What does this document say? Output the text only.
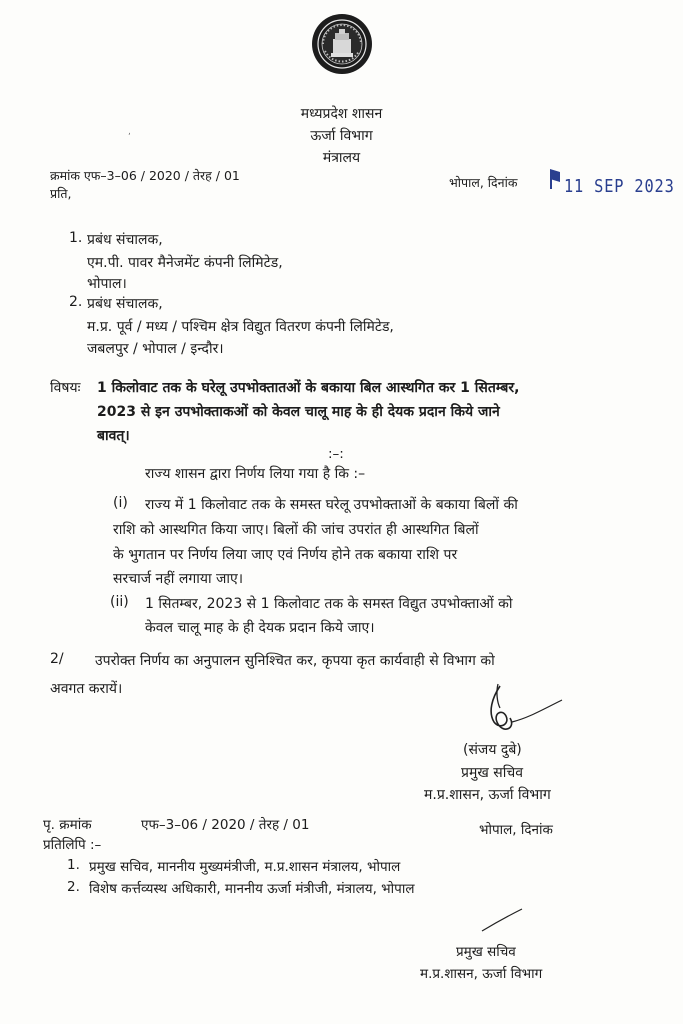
मध्यप्रदेश शासन
ऊर्जा विभाग
मंत्रालय
,
क्रमांक एफ–3–06 / 2020 / तेरह / 01
प्रति,
भोपाल, दिनांक	11 SEP 2023
1. प्रबंध संचालक,
एम.पी. पावर मैनेजमेंट कंपनी लिमिटेड,
भोपाल।
2. प्रबंध संचालक,
म.प्र. पूर्व / मध्य / पश्चिम क्षेत्र विद्युत वितरण कंपनी लिमिटेड,
जबलपुर / भोपाल / इन्दौर।
विषयः 1 किलोवाट तक के घरेलू उपभोक्तातओं के बकाया बिल आस्थगित कर 1 सितम्बर,
2023 से इन उपभोक्ताकओं को केवल चालू माह के ही देयक प्रदान किये जाने
बावत्।
:–:
राज्य शासन द्वारा निर्णय लिया गया है कि :–
(i) राज्य में 1 किलोवाट तक के समस्त घरेलू उपभोक्ताओं के बकाया बिलों की
राशि को आस्थगित किया जाए। बिलों की जांच उपरांत ही आस्थगित बिलों
के भुगतान पर निर्णय लिया जाए एवं निर्णय होने तक बकाया राशि पर
सरचार्ज नहीं लगाया जाए।
(ii) 1 सितम्बर, 2023 से 1 किलोवाट तक के समस्त विद्युत उपभोक्ताओं को
केवल चालू माह के ही देयक प्रदान किये जाए।
2/ उपरोक्त निर्णय का अनुपालन सुनिश्चित कर, कृपया कृत कार्यवाही से विभाग को
अवगत करायें।
(संजय दुबे)
प्रमुख सचिव
म.प्र.शासन, ऊर्जा विभाग
पृ. क्रमांक	एफ–3–06 / 2020 / तेरह / 01	भोपाल, दिनांक
प्रतिलिपि :–
1. प्रमुख सचिव, माननीय मुख्यमंत्रीजी, म.प्र.शासन मंत्रालय, भोपाल
2. विशेष कर्त्तव्यस्थ अधिकारी, माननीय ऊर्जा मंत्रीजी, मंत्रालय, भोपाल
प्रमुख सचिव
म.प्र.शासन, ऊर्जा विभाग
